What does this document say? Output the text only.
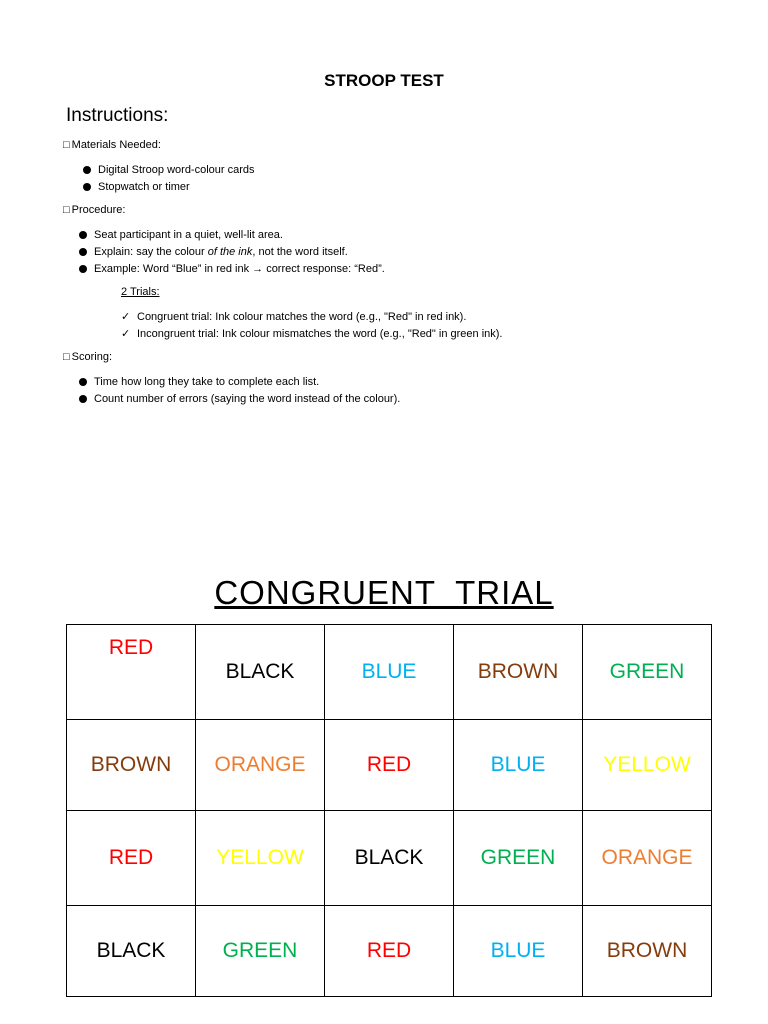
STROOP TEST
Instructions:
□ Materials Needed:
Digital Stroop word-colour cards
Stopwatch or timer
□ Procedure:
Seat participant in a quiet, well-lit area.
Explain: say the colour of the ink, not the word itself.
Example: Word “Blue” in red ink → correct response: “Red”.
2 Trials:
✓ Congruent trial: Ink colour matches the word (e.g., "Red" in red ink).
✓ Incongruent trial: Ink colour mismatches the word (e.g., "Red" in green ink).
□ Scoring:
Time how long they take to complete each list.
Count number of errors (saying the word instead of the colour).
CONGRUENT  TRIAL
RED	BLACK	BLUE	BROWN	GREEN
BROWN	ORANGE	RED	BLUE	YELLOW
RED	YELLOW	BLACK	GREEN	ORANGE
BLACK	GREEN	RED	BLUE	BROWN
